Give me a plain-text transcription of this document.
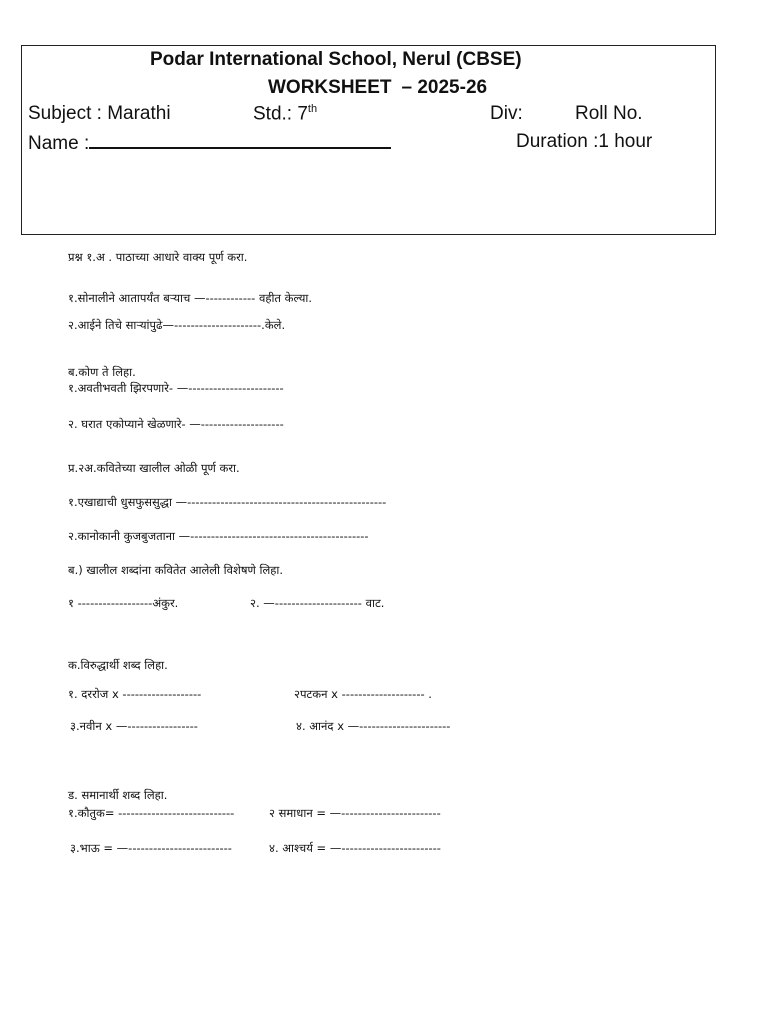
Podar International School, Nerul (CBSE)
WORKSHEET – 2025-26
Subject : Marathi	Std.: 7th	Div:	Roll No.
Name :	Duration :1 hour
प्रश्न १.अ . पाठाच्या आधारे वाक्य पूर्ण करा.
१.सोनालीने आतापर्यंत बऱ्याच —------------ वहीत केल्या.
२.आईने तिचे साऱ्यांपुढे—---------------------.केले.
ब.कोण ते लिहा.
१.अवतीभवती झिरपणारे- —-----------------------
२. घरात एकोप्याने खेळणारे- —--------------------
प्र.२अ.कवितेच्या खालील ओळी पूर्ण करा.
१.एखाद्याची धुसफुससुद्धा —------------------------------------------------
२.कानोकानी कुजबुजताना —-------------------------------------------
ब.) खालील शब्दांना कवितेत आलेली विशेषणे लिहा.
१ ------------------अंकुर.	२. —--------------------- वाट.
क.विरुद्धार्थी शब्द लिहा.
१. दररोज x -------------------	२पटकन x -------------------- .
३.नवीन x —-----------------	४. आनंद x —----------------------
ड. समानार्थी शब्द लिहा.
१.कौतुक= ----------------------------	२ समाधान = —------------------------
३.भाऊ = —-------------------------	४. आश्चर्य = —------------------------
